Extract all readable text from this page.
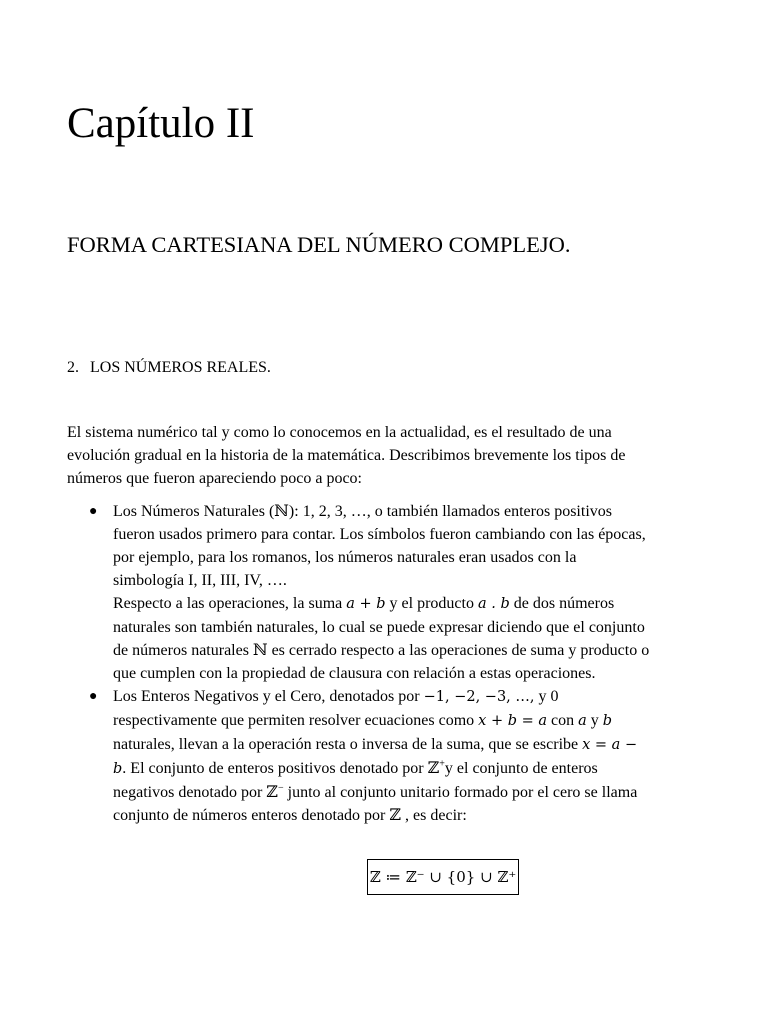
Capítulo II
FORMA CARTESIANA DEL NÚMERO COMPLEJO.
2. LOS NÚMEROS REALES.
El sistema numérico tal y como lo conocemos en la actualidad, es el resultado de una
evolución gradual en la historia de la matemática. Describimos brevemente los tipos de
números que fueron apareciendo poco a poco:
● Los Números Naturales (ℕ): 1, 2, 3, …, o también llamados enteros positivos
fueron usados primero para contar. Los símbolos fueron cambiando con las épocas,
por ejemplo, para los romanos, los números naturales eran usados con la
simbología I, II, III, IV, ….
Respecto a las operaciones, la suma a + b y el producto a . b de dos números
naturales son también naturales, lo cual se puede expresar diciendo que el conjunto
de números naturales ℕ es cerrado respecto a las operaciones de suma y producto o
que cumplen con la propiedad de clausura con relación a estas operaciones.
● Los Enteros Negativos y el Cero, denotados por −1, −2, −3, …, y 0
respectivamente que permiten resolver ecuaciones como x + b = a con a y b
naturales, llevan a la operación resta o inversa de la suma, que se escribe x = a −
b. El conjunto de enteros positivos denotado por ℤ+y el conjunto de enteros
negativos denotado por ℤ− junto al conjunto unitario formado por el cero se llama
conjunto de números enteros denotado por ℤ , es decir:
ℤ ≔ ℤ⁻ ∪ {0} ∪ ℤ⁺
